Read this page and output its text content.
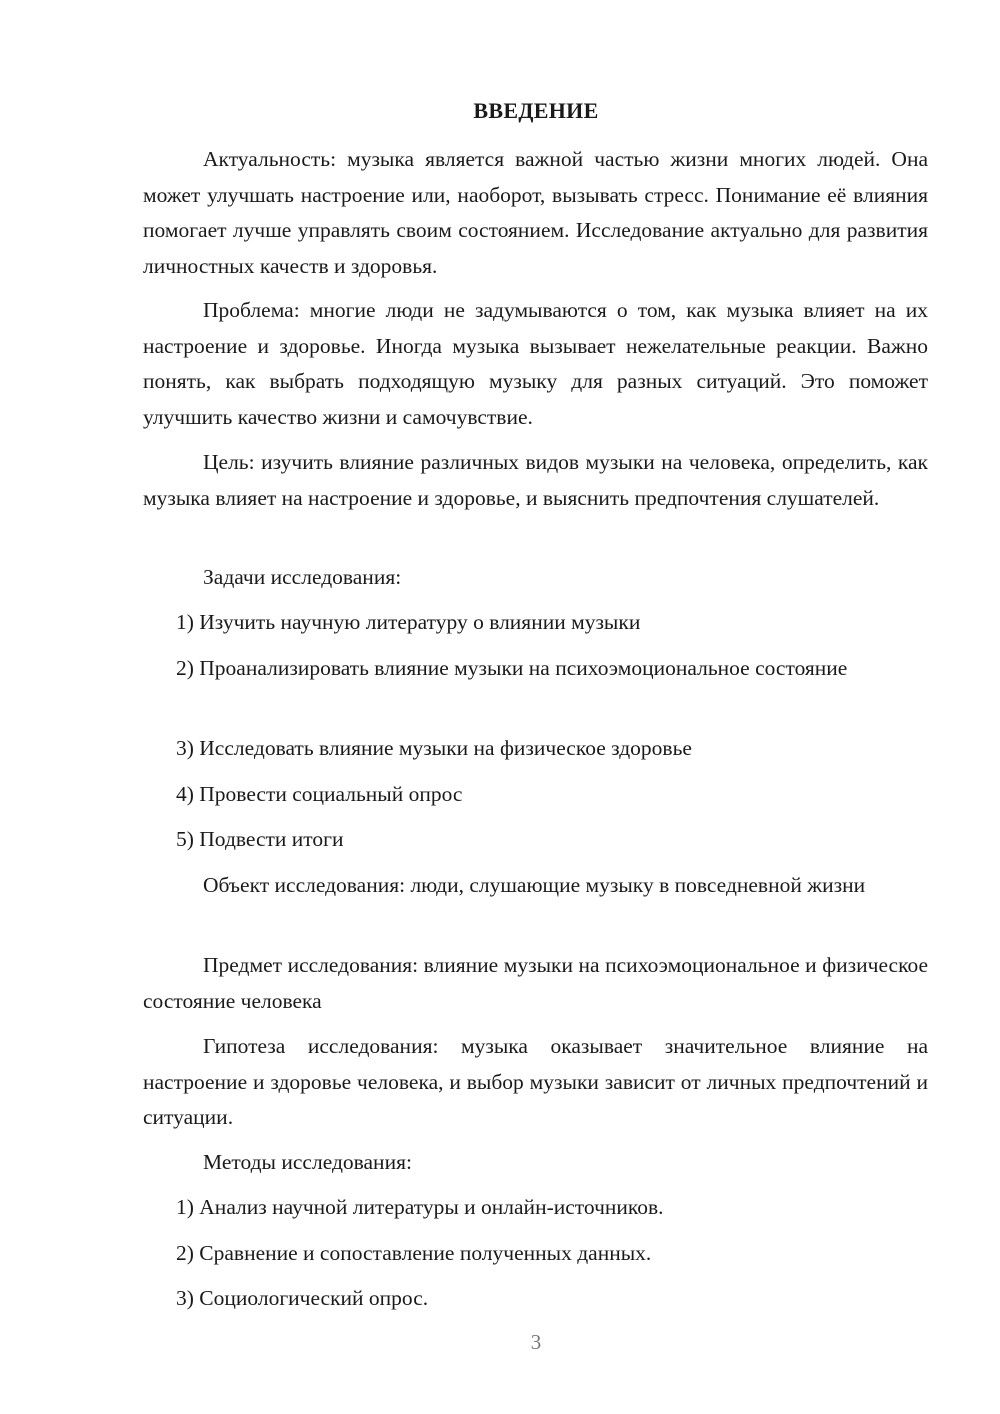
ВВЕДЕНИЕ

Актуальность: музыка является важной частью жизни многих людей. Она может улучшать настроение или, наоборот, вызывать стресс. Понимание её влияния помогает лучше управлять своим состоянием. Исследование актуально для развития личностных качеств и здоровья.

Проблема: многие люди не задумываются о том, как музыка влияет на их настроение и здоровье. Иногда музыка вызывает нежелательные реакции. Важно понять, как выбрать подходящую музыку для разных ситуаций. Это поможет улучшить качество жизни и самочувствие.

Цель: изучить влияние различных видов музыки на человека, определить, как музыка влияет на настроение и здоровье, и выяснить предпочтения слушателей.

Задачи исследования:

1) Изучить научную литературу о влиянии музыки

2) Проанализировать влияние музыки на психоэмоциональное состояние

3) Исследовать влияние музыки на физическое здоровье

4) Провести социальный опрос

5) Подвести итоги

Объект исследования: люди, слушающие музыку в повседневной жизни

Предмет исследования: влияние музыки на психоэмоциональное и физическое состояние человека

Гипотеза исследования: музыка оказывает значительное влияние на настроение и здоровье человека, и выбор музыки зависит от личных предпочтений и ситуации.

Методы исследования:

1) Анализ научной литературы и онлайн-источников.

2) Сравнение и сопоставление полученных данных.

3) Социологический опрос.

3
